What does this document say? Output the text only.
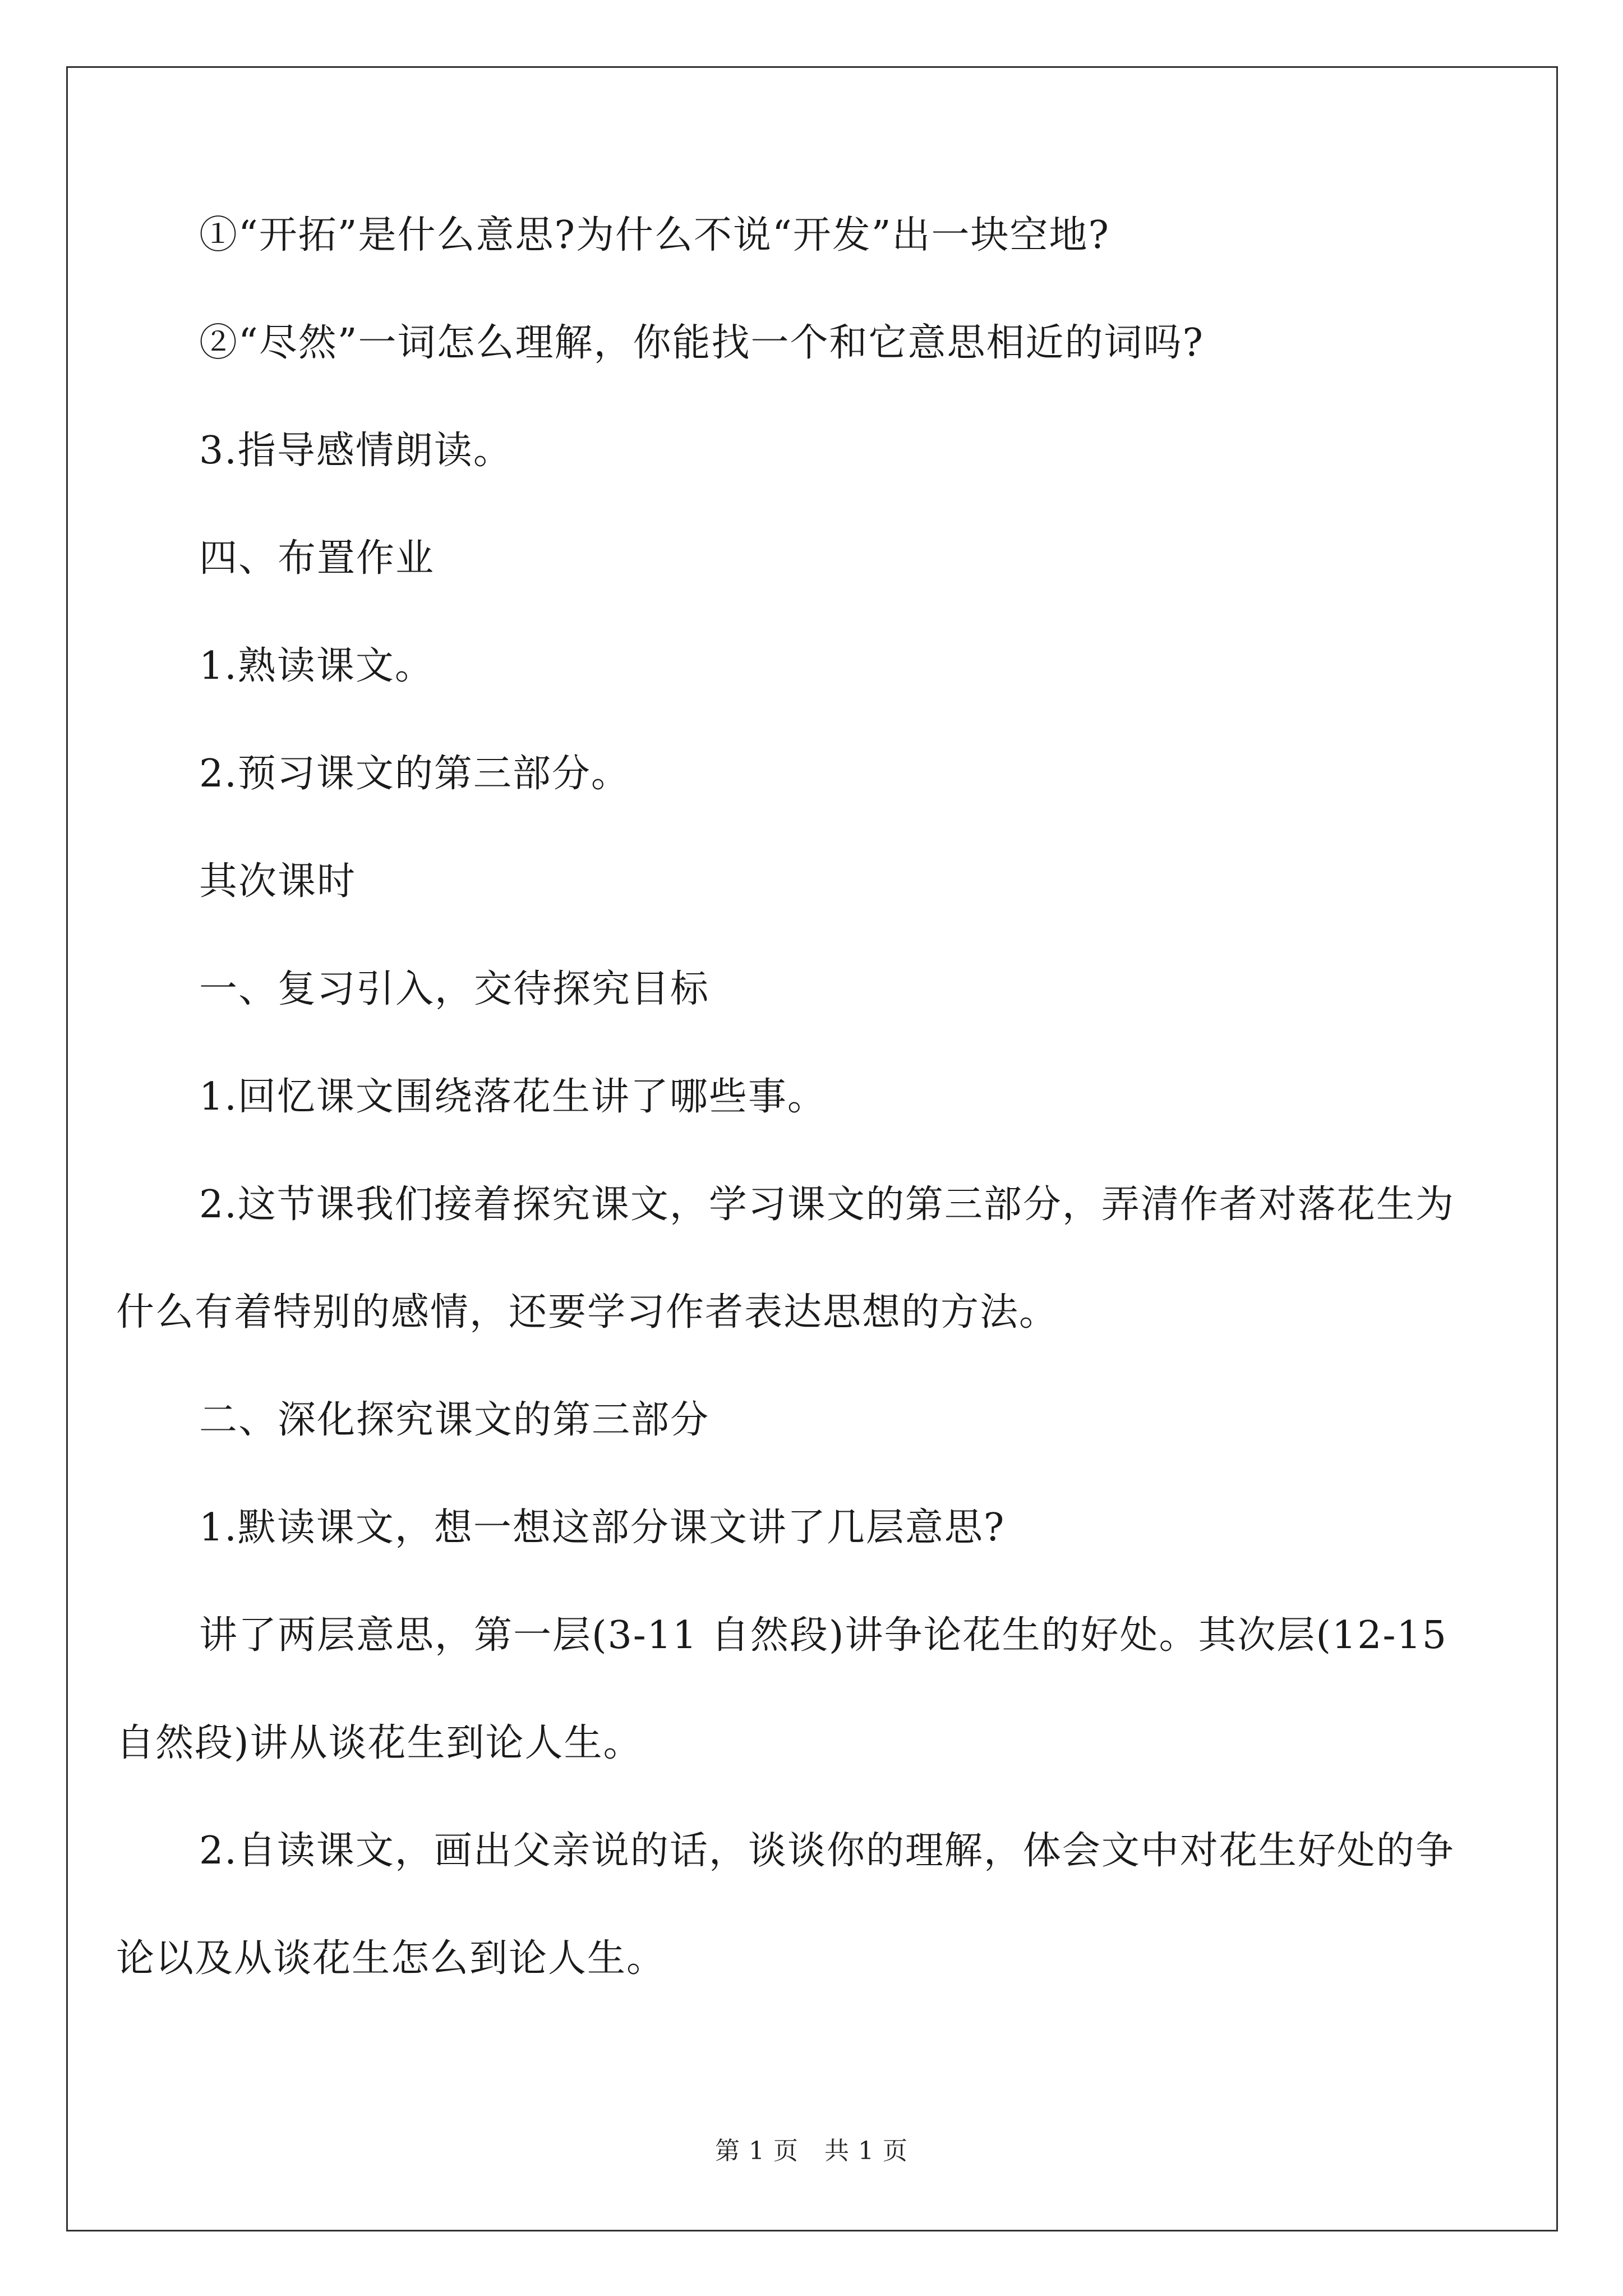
①“开拓”是什么意思?为什么不说“开发”出一块空地?

②“尽然”一词怎么理解，你能找一个和它意思相近的词吗?

3.指导感情朗读。

四、布置作业

1.熟读课文。

2.预习课文的第三部分。

其次课时

一、复习引入，交待探究目标

1.回忆课文围绕落花生讲了哪些事。

2.这节课我们接着探究课文，学习课文的第三部分，弄清作者对落花生为什么有着特别的感情，还要学习作者表达思想的方法。

二、深化探究课文的第三部分

1.默读课文，想一想这部分课文讲了几层意思?

讲了两层意思，第一层(3-11 自然段)讲争论花生的好处。其次层(12-15 自然段)讲从谈花生到论人生。

2.自读课文，画出父亲说的话，谈谈你的理解，体会文中对花生好处的争论以及从谈花生怎么到论人生。

第 1 页 共 1 页
